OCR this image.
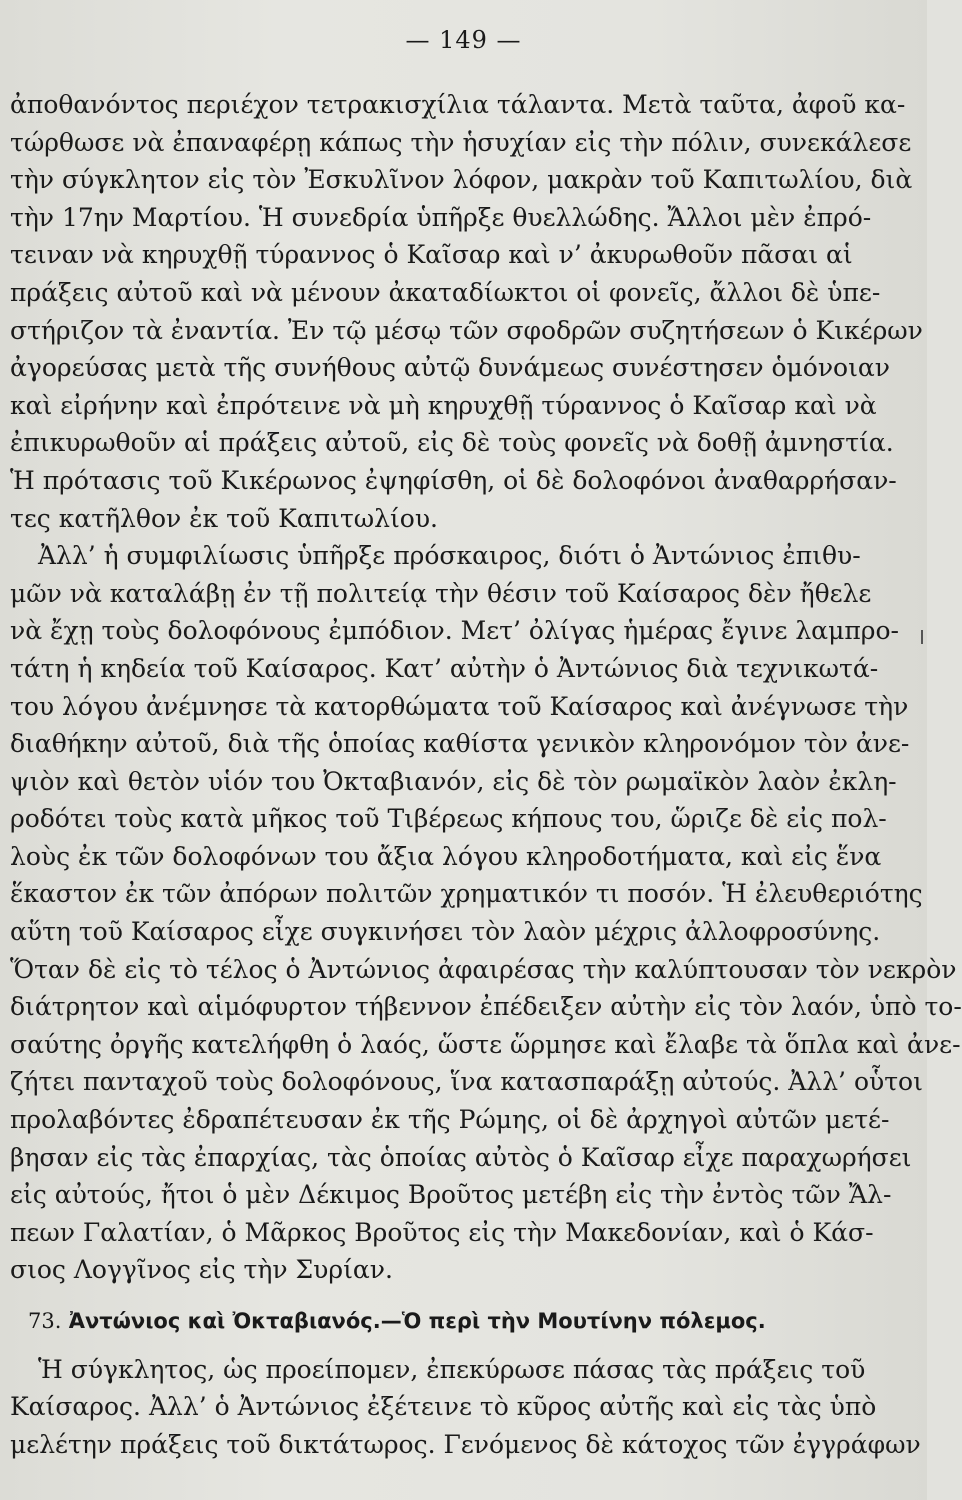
— 149 —
ἀποθανόντος περιέχον τετρακισχίλια τάλαντα. Μετὰ ταῦτα, ἀφοῦ κα-
τώρθωσε νὰ ἐπαναφέρῃ κάπως τὴν ἡσυχίαν εἰς τὴν πόλιν, συνεκάλεσε
τὴν σύγκλητον εἰς τὸν Ἐσκυλῖνον λόφον, μακρὰν τοῦ Καπιτωλίου, διὰ
τὴν 17ην Μαρτίου. Ἡ συνεδρία ὑπῆρξε θυελλώδης. Ἄλλοι μὲν ἐπρό-
τειναν νὰ κηρυχθῇ τύραννος ὁ Καῖσαρ καὶ ν’ ἀκυρωθοῦν πᾶσαι αἱ
πράξεις αὐτοῦ καὶ νὰ μένουν ἀκαταδίωκτοι οἱ φονεῖς, ἄλλοι δὲ ὑπε-
στήριζον τὰ ἐναντία. Ἐν τῷ μέσῳ τῶν σφοδρῶν συζητήσεων ὁ Κικέρων
ἀγορεύσας μετὰ τῆς συνήθους αὐτῷ δυνάμεως συνέστησεν ὁμόνοιαν
καὶ εἰρήνην καὶ ἐπρότεινε νὰ μὴ κηρυχθῇ τύραννος ὁ Καῖσαρ καὶ νὰ
ἐπικυρωθοῦν αἱ πράξεις αὐτοῦ, εἰς δὲ τοὺς φονεῖς νὰ δοθῇ ἀμνηστία.
Ἡ πρότασις τοῦ Κικέρωνος ἐψηφίσθη, οἱ δὲ δολοφόνοι ἀναθαρρήσαν-
τες κατῆλθον ἐκ τοῦ Καπιτωλίου.
Ἀλλ’ ἡ συμφιλίωσις ὑπῆρξε πρόσκαιρος, διότι ὁ Ἀντώνιος ἐπιθυ-
μῶν νὰ καταλάβῃ ἐν τῇ πολιτείᾳ τὴν θέσιν τοῦ Καίσαρος δὲν ἤθελε
νὰ ἔχῃ τοὺς δολοφόνους ἐμπόδιον. Μετ’ ὀλίγας ἡμέρας ἔγινε λαμπρο-
τάτη ἡ κηδεία τοῦ Καίσαρος. Κατ’ αὐτὴν ὁ Ἀντώνιος διὰ τεχνικωτά-
του λόγου ἀνέμνησε τὰ κατορθώματα τοῦ Καίσαρος καὶ ἀνέγνωσε τὴν
διαθήκην αὐτοῦ, διὰ τῆς ὁποίας καθίστα γενικὸν κληρονόμον τὸν ἀνε-
ψιὸν καὶ θετὸν υἱόν του Ὀκταβιανόν, εἰς δὲ τὸν ρωμαϊκὸν λαὸν ἐκλη-
ροδότει τοὺς κατὰ μῆκος τοῦ Τιβέρεως κήπους του, ὥριζε δὲ εἰς πολ-
λοὺς ἐκ τῶν δολοφόνων του ἄξια λόγου κληροδοτήματα, καὶ εἰς ἕνα
ἕκαστον ἐκ τῶν ἀπόρων πολιτῶν χρηματικόν τι ποσόν. Ἡ ἐλευθεριότης
αὕτη τοῦ Καίσαρος εἶχε συγκινήσει τὸν λαὸν μέχρις ἀλλοφροσύνης.
Ὅταν δὲ εἰς τὸ τέλος ὁ Ἀντώνιος ἀφαιρέσας τὴν καλύπτουσαν τὸν νεκρὸν
διάτρητον καὶ αἱμόφυρτον τήβεννον ἐπέδειξεν αὐτὴν εἰς τὸν λαόν, ὑπὸ το-
σαύτης ὀργῆς κατελήφθη ὁ λαός, ὥστε ὥρμησε καὶ ἔλαβε τὰ ὅπλα καὶ ἀνε-
ζήτει πανταχοῦ τοὺς δολοφόνους, ἵνα κατασπαράξῃ αὐτούς. Ἀλλ’ οὗτοι
προλαβόντες ἐδραπέτευσαν ἐκ τῆς Ρώμης, οἱ δὲ ἀρχηγοὶ αὐτῶν μετέ-
βησαν εἰς τὰς ἐπαρχίας, τὰς ὁποίας αὐτὸς ὁ Καῖσαρ εἶχε παραχωρήσει
εἰς αὐτούς, ἤτοι ὁ μὲν Δέκιμος Βροῦτος μετέβη εἰς τὴν ἐντὸς τῶν Ἄλ-
πεων Γαλατίαν, ὁ Μᾶρκος Βροῦτος εἰς τὴν Μακεδονίαν, καὶ ὁ Κάσ-
σιος Λογγῖνος εἰς τὴν Συρίαν.
73. Ἀντώνιος καὶ Ὀκταβιανός.—Ὁ περὶ τὴν Μουτίνην πόλεμος.
Ἡ σύγκλητος, ὡς προείπομεν, ἐπεκύρωσε πάσας τὰς πράξεις τοῦ
Καίσαρος. Ἀλλ’ ὁ Ἀντώνιος ἐξέτεινε τὸ κῦρος αὐτῆς καὶ εἰς τὰς ὑπὸ
μελέτην πράξεις τοῦ δικτάτωρος. Γενόμενος δὲ κάτοχος τῶν ἐγγράφων
